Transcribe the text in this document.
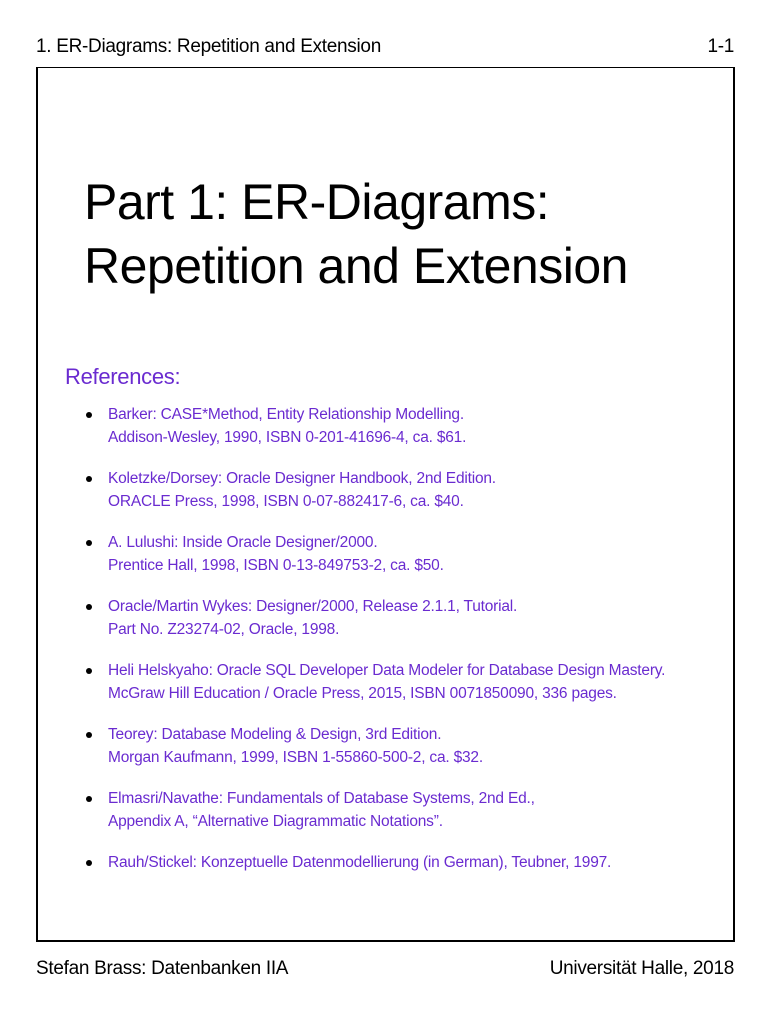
1. ER-Diagrams: Repetition and Extension	1-1
Part 1: ER-Diagrams:
Repetition and Extension
References:
Barker: CASE*Method, Entity Relationship Modelling.
Addison-Wesley, 1990, ISBN 0-201-41696-4, ca. $61.
Koletzke/Dorsey: Oracle Designer Handbook, 2nd Edition.
ORACLE Press, 1998, ISBN 0-07-882417-6, ca. $40.
A. Lulushi: Inside Oracle Designer/2000.
Prentice Hall, 1998, ISBN 0-13-849753-2, ca. $50.
Oracle/Martin Wykes: Designer/2000, Release 2.1.1, Tutorial.
Part No. Z23274-02, Oracle, 1998.
Heli Helskyaho: Oracle SQL Developer Data Modeler for Database Design Mastery.
McGraw Hill Education / Oracle Press, 2015, ISBN 0071850090, 336 pages.
Teorey: Database Modeling & Design, 3rd Edition.
Morgan Kaufmann, 1999, ISBN 1-55860-500-2, ca. $32.
Elmasri/Navathe: Fundamentals of Database Systems, 2nd Ed.,
Appendix A, “Alternative Diagrammatic Notations”.
Rauh/Stickel: Konzeptuelle Datenmodellierung (in German), Teubner, 1997.
Stefan Brass: Datenbanken IIA	Universität Halle, 2018
